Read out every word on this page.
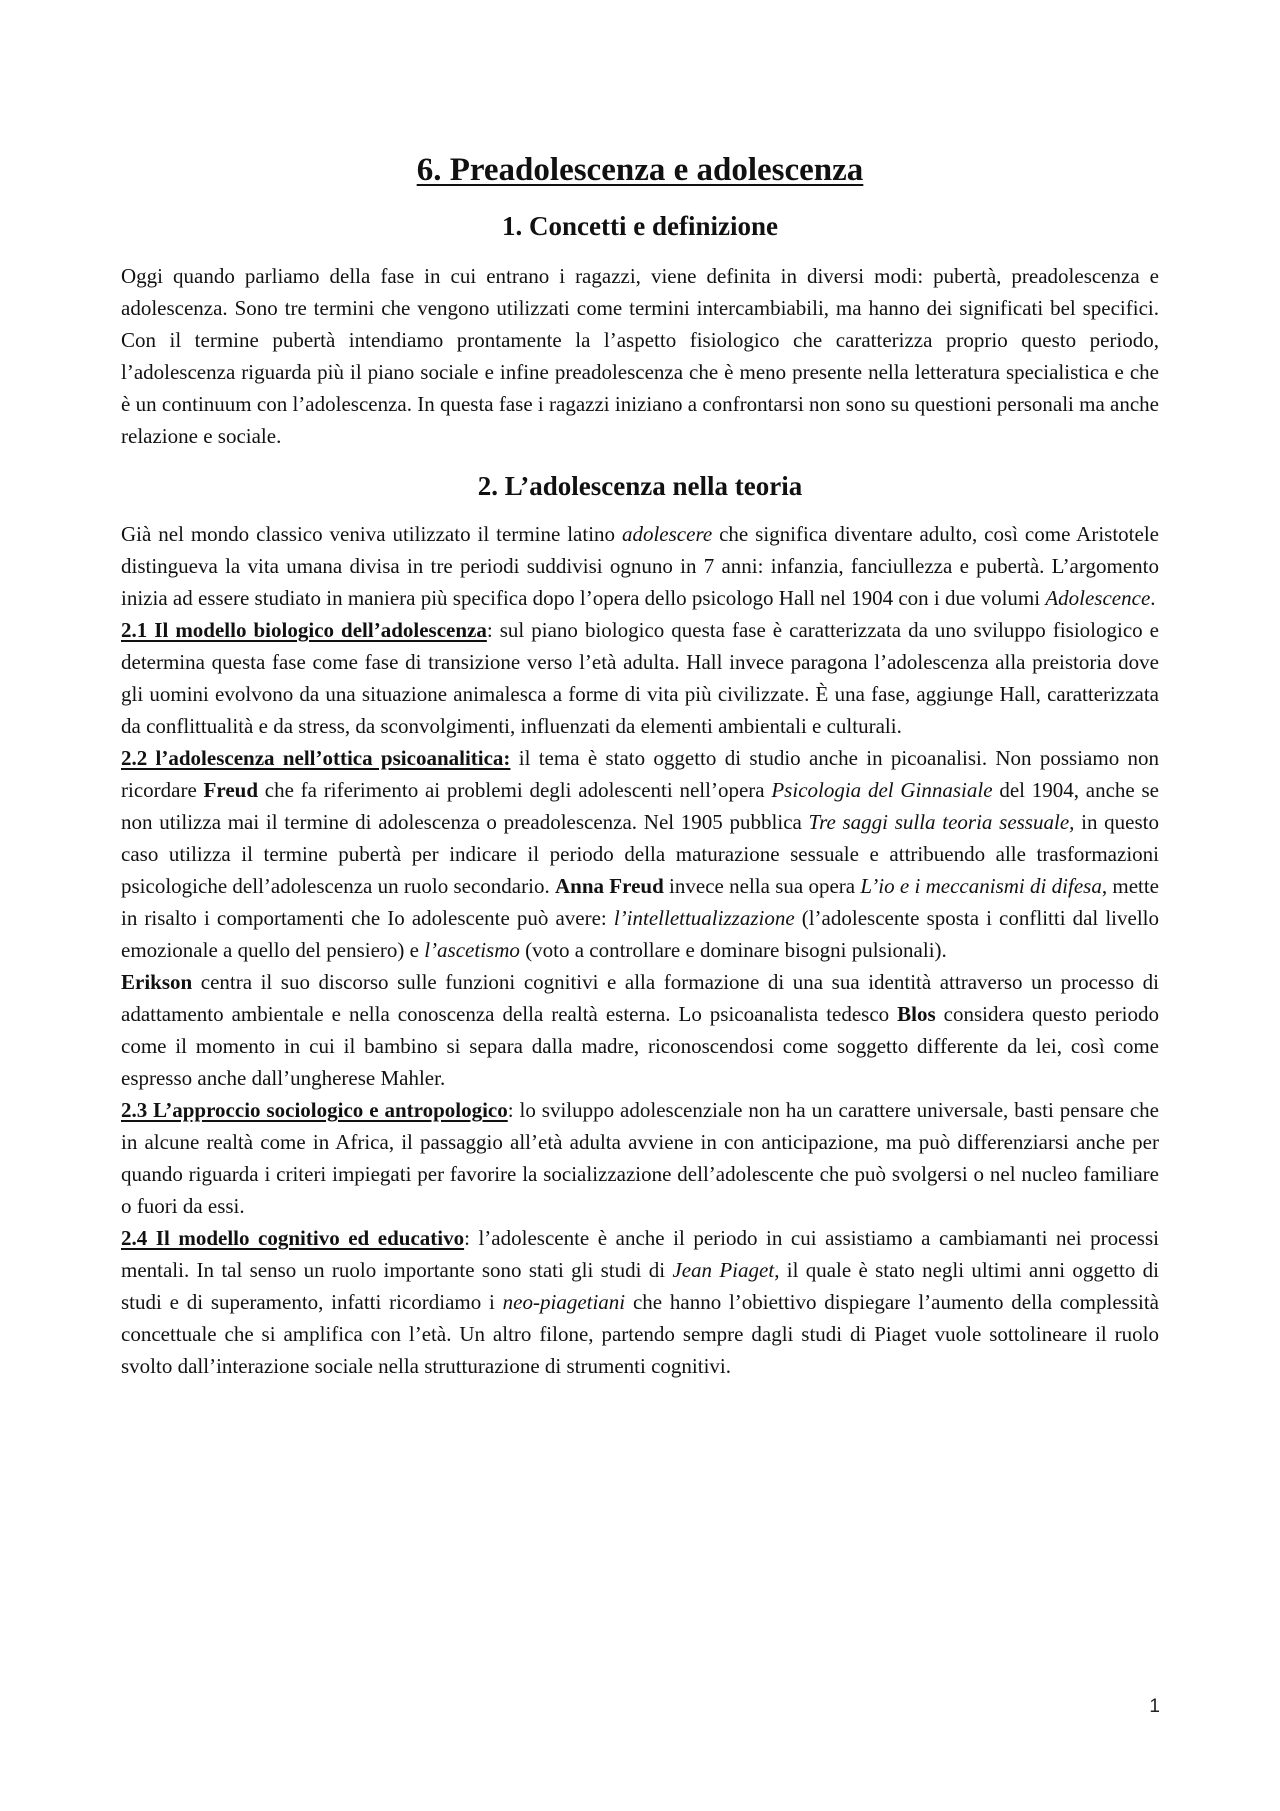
6. Preadolescenza e adolescenza
1. Concetti e definizione

Oggi quando parliamo della fase in cui entrano i ragazzi, viene definita in diversi modi: pubertà, preadolescenza e adolescenza. Sono tre termini che vengono utilizzati come termini intercambiabili, ma hanno dei significati bel specifici. Con il termine pubertà intendiamo prontamente la l’aspetto fisiologico che caratterizza proprio questo periodo, l’adolescenza riguarda più il piano sociale e infine preadolescenza che è meno presente nella letteratura specialistica e che è un continuum con l’adolescenza. In questa fase i ragazzi iniziano a confrontarsi non sono su questioni personali ma anche relazione e sociale.

2. L’adolescenza nella teoria

Già nel mondo classico veniva utilizzato il termine latino adolescere che significa diventare adulto, così come Aristotele distingueva la vita umana divisa in tre periodi suddivisi ognuno in 7 anni: infanzia, fanciullezza e pubertà. L’argomento inizia ad essere studiato in maniera più specifica dopo l’opera dello psicologo Hall nel 1904 con i due volumi Adolescence.

2.1 Il modello biologico dell’adolescenza: sul piano biologico questa fase è caratterizzata da uno sviluppo fisiologico e determina questa fase come fase di transizione verso l’età adulta. Hall invece paragona l’adolescenza alla preistoria dove gli uomini evolvono da una situazione animalesca a forme di vita più civilizzate. È una fase, aggiunge Hall, caratterizzata da conflittualità e da stress, da sconvolgimenti, influenzati da elementi ambientali e culturali.

2.2 l’adolescenza nell’ottica psicoanalitica: il tema è stato oggetto di studio anche in picoanalisi. Non possiamo non ricordare Freud che fa riferimento ai problemi degli adolescenti nell’opera Psicologia del Ginnasiale del 1904, anche se non utilizza mai il termine di adolescenza o preadolescenza. Nel 1905 pubblica Tre saggi sulla teoria sessuale, in questo caso utilizza il termine pubertà per indicare il periodo della maturazione sessuale e attribuendo alle trasformazioni psicologiche dell’adolescenza un ruolo secondario. Anna Freud invece nella sua opera L’io e i meccanismi di difesa, mette in risalto i comportamenti che Io adolescente può avere: l’intellettualizzazione (l’adolescente sposta i conflitti dal livello emozionale a quello del pensiero) e l’ascetismo (voto a controllare e dominare bisogni pulsionali).

Erikson centra il suo discorso sulle funzioni cognitivi e alla formazione di una sua identità attraverso un processo di adattamento ambientale e nella conoscenza della realtà esterna. Lo psicoanalista tedesco Blos considera questo periodo come il momento in cui il bambino si separa dalla madre, riconoscendosi come soggetto differente da lei, così come espresso anche dall’ungherese Mahler.

2.3 L’approccio sociologico e antropologico: lo sviluppo adolescenziale non ha un carattere universale, basti pensare che in alcune realtà come in Africa, il passaggio all’età adulta avviene in con anticipazione, ma può differenziarsi anche per quando riguarda i criteri impiegati per favorire la socializzazione dell’adolescente che può svolgersi o nel nucleo familiare o fuori da essi.

2.4 Il modello cognitivo ed educativo: l’adolescente è anche il periodo in cui assistiamo a cambiamanti nei processi mentali. In tal senso un ruolo importante sono stati gli studi di Jean Piaget, il quale è stato negli ultimi anni oggetto di studi e di superamento, infatti ricordiamo i neo-piagetiani che hanno l’obiettivo dispiegare l’aumento della complessità concettuale che si amplifica con l’età. Un altro filone, partendo sempre dagli studi di Piaget vuole sottolineare il ruolo svolto dall’interazione sociale nella strutturazione di strumenti cognitivi.

1
